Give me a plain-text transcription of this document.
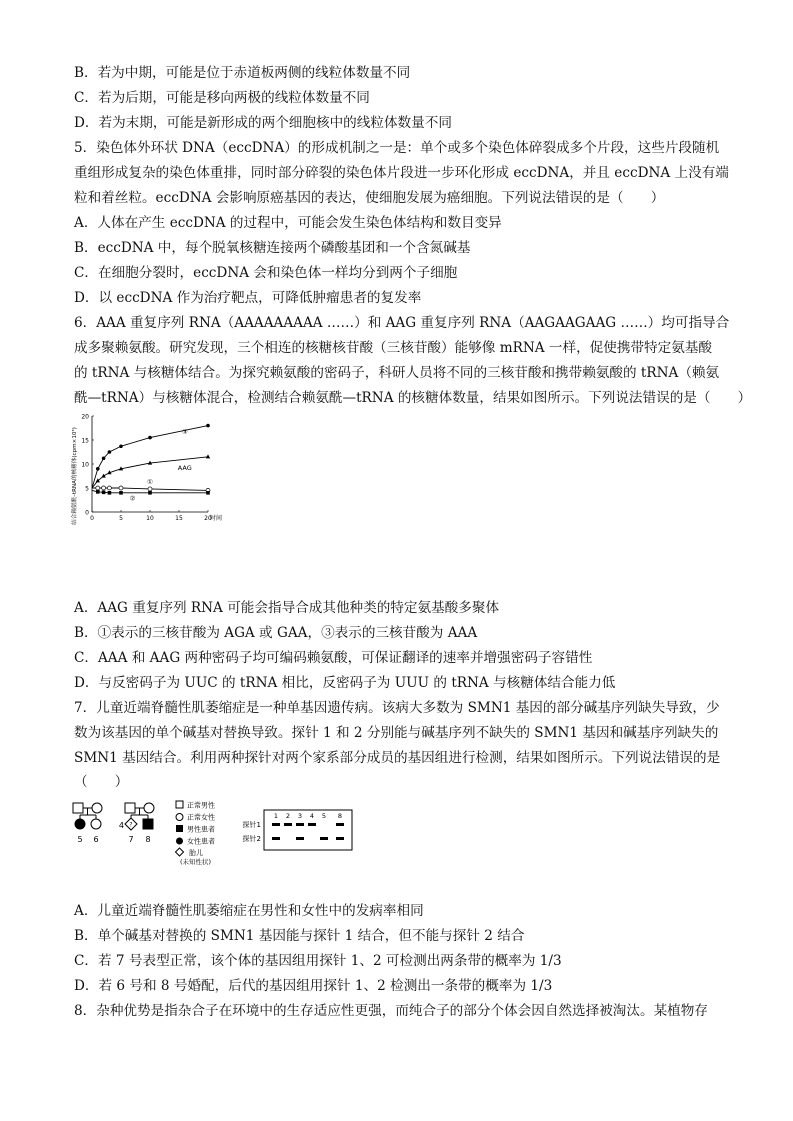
B．若为中期，可能是位于赤道板两侧的线粒体数量不同
C．若为后期，可能是移向两极的线粒体数量不同
D．若为末期，可能是新形成的两个细胞核中的线粒体数量不同
5．染色体外环状 DNA（eccDNA）的形成机制之一是：单个或多个染色体碎裂成多个片段，这些片段随机
重组形成复杂的染色体重排，同时部分碎裂的染色体片段进一步环化形成 eccDNA，并且 eccDNA 上没有端
粒和着丝粒。eccDNA 会影响原癌基因的表达，使细胞发展为癌细胞。下列说法错误的是（　　）
A．人体在产生 eccDNA 的过程中，可能会发生染色体结构和数目变异
B．eccDNA 中，每个脱氧核糖连接两个磷酸基团和一个含氮碱基
C．在细胞分裂时，eccDNA 会和染色体一样均分到两个子细胞
D．以 eccDNA 作为治疗靶点，可降低肿瘤患者的复发率
6．AAA 重复序列 RNA（AAAAAAAAA ……）和 AAG 重复序列 RNA（AAGAAGAAG ……）均可指导合
成多聚赖氨酸。研究发现，三个相连的核糖核苷酸（三核苷酸）能够像 mRNA 一样，促使携带特定氨基酸
的 tRNA 与核糖体结合。为探究赖氨酸的密码子，科研人员将不同的三核苷酸和携带赖氨酸的 tRNA（赖氨
酰—tRNA）与核糖体混合，检测结合赖氨酰—tRNA 的核糖体数量，结果如图所示。下列说法错误的是（　　）
0
5
10
15
20
0	5	10	15	20
时间
结合赖氨酰–tRNA的核糖体(cpm×10³)	③
AAG
①
②
A．AAG 重复序列 RNA 可能会指导合成其他种类的特定氨基酸多聚体
B．①表示的三核苷酸为 AGA 或 GAA，③表示的三核苷酸为 AAA
C．AAA 和 AAG 两种密码子均可编码赖氨酸，可保证翻译的速率并增强密码子容错性
D．与反密码子为 UUC 的 tRNA 相比，反密码子为 UUU 的 tRNA 与核糖体结合能力低
7．儿童近端脊髓性肌萎缩症是一种单基因遗传病。该病大多数为 SMN1 基因的部分碱基序列缺失导致，少
数为该基因的单个碱基对替换导致。探针 1 和 2 分别能与碱基序列不缺失的 SMN1 基因和碱基序列缺失的
SMN1 基因结合。利用两种探针对两个家系部分成员的基因组进行检测，结果如图所示。下列说法错误的是
（　　）
5 6
?
7 8
4
正常男性
正常女性
男性患者
女性患者
胎儿
(未知性状)
探针1
探针2
1 2 3 4 5 8
A．儿童近端脊髓性肌萎缩症在男性和女性中的发病率相同
B．单个碱基对替换的 SMN1 基因能与探针 1 结合，但不能与探针 2 结合
C．若 7 号表型正常，该个体的基因组用探针 1、2 可检测出两条带的概率为 1/3
D．若 6 号和 8 号婚配，后代的基因组用探针 1、2 检测出一条带的概率为 1/3
8．杂种优势是指杂合子在环境中的生存适应性更强，而纯合子的部分个体会因自然选择被淘汰。某植物存
